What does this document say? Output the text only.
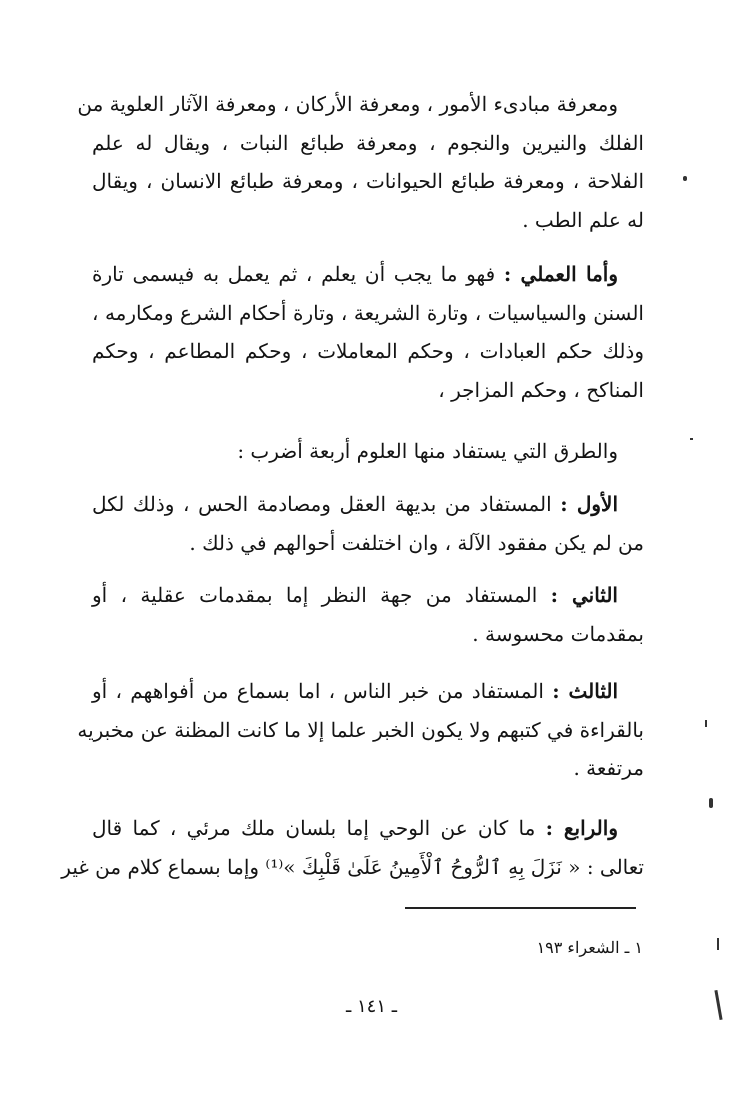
ومعرفة مبادىء الأمور ، ومعرفة الأركان ، ومعرفة الآثار العلوية من
الفلك والنيرين والنجوم ، ومعرفة طبائع النبات ، ويقال له علم
الفلاحة ، ومعرفة طبائع الحيوانات ، ومعرفة طبائع الانسان ، ويقال
له علم الطب .
وأما العملي : فهو ما يجب أن يعلم ، ثم يعمل به فيسمى تارة
السنن والسياسيات ، وتارة الشريعة ، وتارة أحكام الشرع ومكارمه ،
وذلك حكم العبادات ، وحكم المعاملات ، وحكم المطاعم ، وحكم
المناكح ، وحكم المزاجر ،
والطرق التي يستفاد منها العلوم أربعة أضرب :
الأول : المستفاد من بديهة العقل ومصادمة الحس ، وذلك لكل
من لم يكن مفقود الآلة ، وان اختلفت أحوالهم في ذلك .
الثاني : المستفاد من جهة النظر إما بمقدمات عقلية ، أو
بمقدمات محسوسة .
الثالث : المستفاد من خبر الناس ، اما بسماع من أفواههم ، أو
بالقراءة في كتبهم ولا يكون الخبر علما إلا ما كانت المظنة عن مخبريه
مرتفعة .
والرابع : ما كان عن الوحي إما بلسان ملك مرئي ، كما قال
تعالى : « نَزَلَ بِهِ ٱلرُّوحُ ٱلْأَمِينُ عَلَىٰ قَلْبِكَ »⁽¹⁾ وإما بسماع كلام من غير
١ ـ الشعراء ١٩٣
ـ ١٤١ ـ
